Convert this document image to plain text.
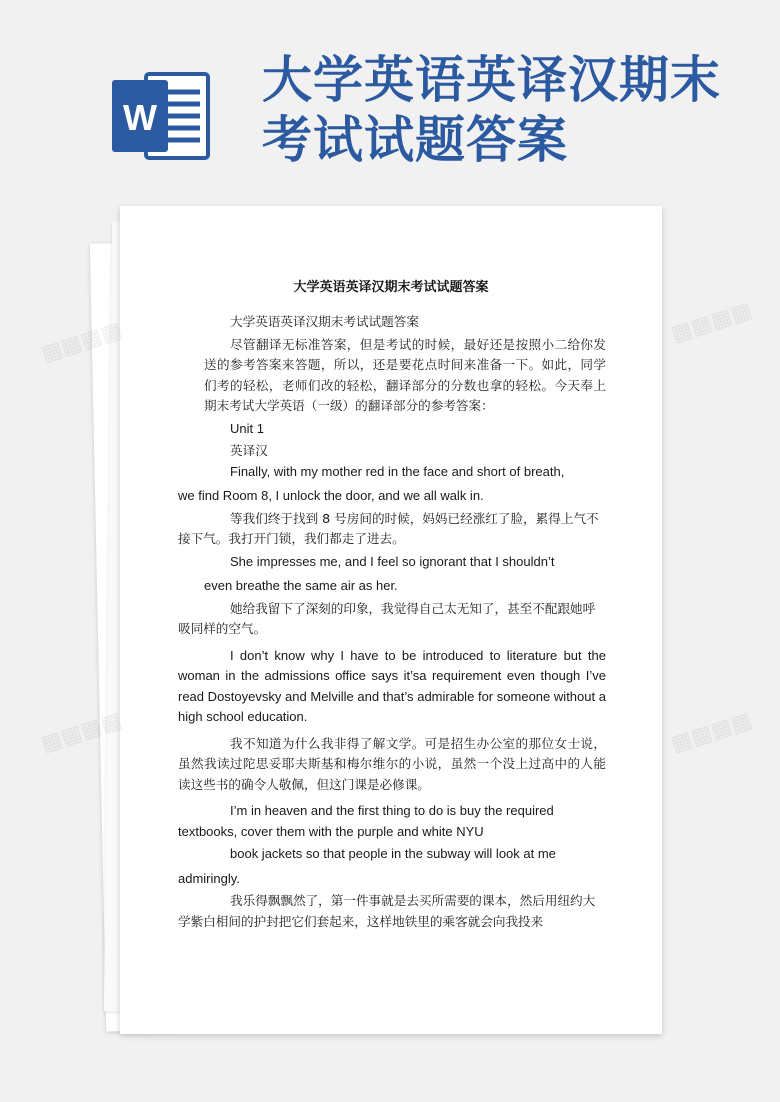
W
大学英语英译汉期末考试试题答案
大学英语英译汉期末考试试题答案

大学英语英译汉期末考试试题答案

尽管翻译无标准答案，但是考试的时候，最好还是按照小二给你发送的参考答案来答题，所以，还是要花点时间来准备一下。如此，同学们考的轻松，老师们改的轻松，翻译部分的分数也拿的轻松。今天奉上期末考试大学英语（一级）的翻译部分的参考答案：

Unit 1

英译汉

Finally, with my mother red in the face and short of breath,

we find Room 8, I unlock the door, and we all walk in.

等我们终于找到 8 号房间的时候，妈妈已经涨红了脸，累得上气不接下气。我打开门锁，我们都走了进去。

She impresses me, and I feel so ignorant that I shouldn’t

even breathe the same air as her.

她给我留下了深刻的印象，我觉得自己太无知了，甚至不配跟她呼吸同样的空气。

I don’t know why I have to be introduced to literature but the woman in the admissions office says it’sa requirement even though I’ve read Dostoyevsky and Melville and that’s admirable for someone without a high school education.

我不知道为什么我非得了解文学。可是招生办公室的那位女士说，虽然我读过陀思妥耶夫斯基和梅尔维尔的小说，虽然一个没上过高中的人能读这些书的确令人敬佩，但这门课是必修课。

I’m in heaven and the first thing to do is buy the required textbooks, cover them with the purple and white NYU

book jackets so that people in the subway will look at me

admiringly.

我乐得飘飘然了，第一件事就是去买所需要的课本，然后用纽约大学紫白相间的护封把它们套起来，这样地铁里的乘客就会向我投来

▦▦▦▦	▦▦▦▦
▦▦▦▦	▦▦▦▦
